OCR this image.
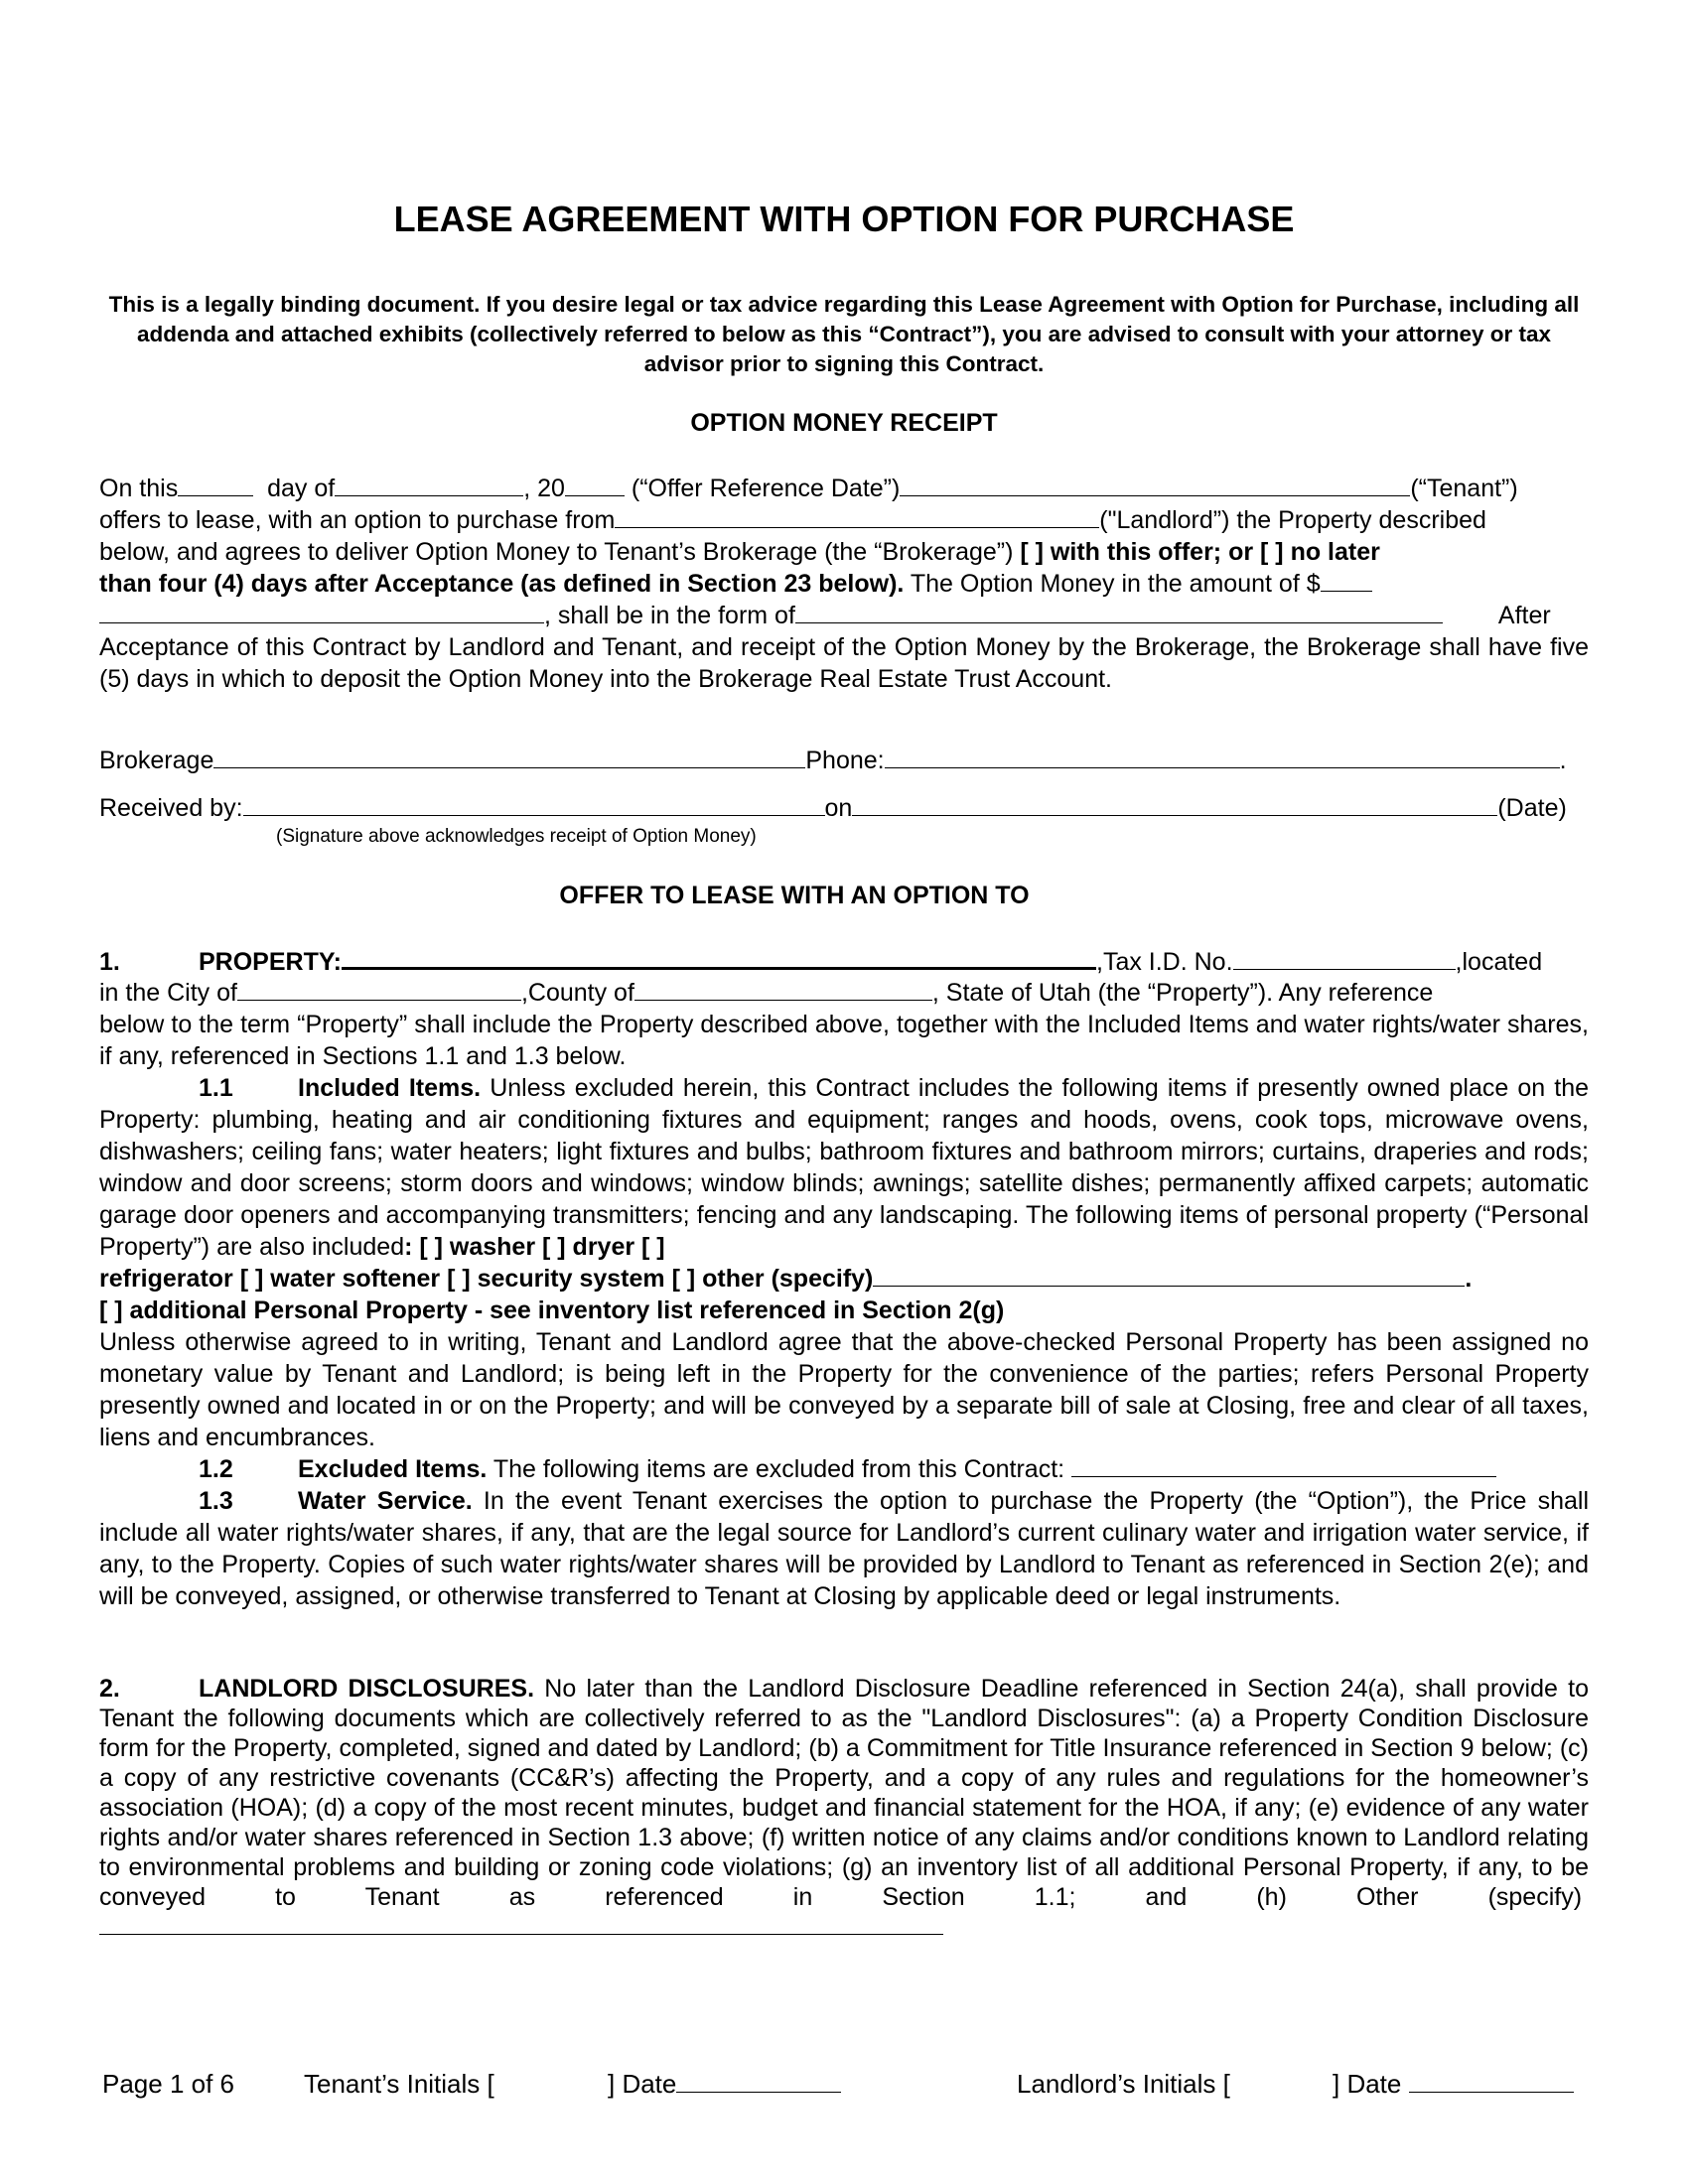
LEASE AGREEMENT WITH OPTION FOR PURCHASE
This is a legally binding document. If you desire legal or tax advice regarding this Lease Agreement with Option for Purchase, including all addenda and attached exhibits (collectively referred to below as this “Contract”), you are advised to consult with your attorney or tax advisor prior to signing this Contract.
OPTION MONEY RECEIPT
On this	day of	, 20 (“Offer Reference Date”)	(“Tenant”)
offers to lease, with an option to purchase from	("Landlord”) the Property described
below, and agrees to deliver Option Money to Tenant’s Brokerage (the “Brokerage”) [ ] with this offer; or [ ] no later
than four (4) days after Acceptance (as defined in Section 23 below). The Option Money in the amount of $
, shall be in the form of	After
Acceptance of this Contract by Landlord and Tenant, and receipt of the Option Money by the Brokerage, the Brokerage shall have five (5) days in which to deposit the Option Money into the Brokerage Real Estate Trust Account.
Brokerage	Phone:	.
Received by:	on	(Date)
(Signature above acknowledges receipt of Option Money)
OFFER TO LEASE WITH AN OPTION TO
1.	PROPERTY:	,Tax I.D. No.	,located
in the City of	,County of	, State of Utah (the “Property”). Any reference
below to the term “Property” shall include the Property described above, together with the Included Items and water rights/water shares, if any, referenced in Sections 1.1 and 1.3 below.
1.1	Included Items. Unless excluded herein, this Contract includes the following items if presently owned place on the Property: plumbing, heating and air conditioning fixtures and equipment; ranges and hoods, ovens, cook tops, microwave ovens, dishwashers; ceiling fans; water heaters; light fixtures and bulbs; bathroom fixtures and bathroom mirrors; curtains, draperies and rods; window and door screens; storm doors and windows; window blinds; awnings; satellite dishes; permanently affixed carpets; automatic garage door openers and accompanying transmitters; fencing and any landscaping. The following items of personal property (“Personal Property”) are also included: [ ] washer [ ] dryer [ ]
refrigerator [ ] water softener [ ] security system [ ] other (specify)	.
[ ] additional Personal Property - see inventory list referenced in Section 2(g)
Unless otherwise agreed to in writing, Tenant and Landlord agree that the above-checked Personal Property has been assigned no monetary value by Tenant and Landlord; is being left in the Property for the convenience of the parties; refers Personal Property presently owned and located in or on the Property; and will be conveyed by a separate bill of sale at Closing, free and clear of all taxes, liens and encumbrances.
1.2	Excluded Items. The following items are excluded from this Contract:
1.3	Water Service. In the event Tenant exercises the option to purchase the Property (the “Option”), the Price shall include all water rights/water shares, if any, that are the legal source for Landlord’s current culinary water and irrigation water service, if any, to the Property. Copies of such water rights/water shares will be provided by Landlord to Tenant as referenced in Section 2(e); and will be conveyed, assigned, or otherwise transferred to Tenant at Closing by applicable deed or legal instruments.
2.	LANDLORD DISCLOSURES. No later than the Landlord Disclosure Deadline referenced in Section 24(a), shall provide to Tenant the following documents which are collectively referred to as the "Landlord Disclosures": (a) a Property Condition Disclosure form for the Property, completed, signed and dated by Landlord; (b) a Commitment for Title Insurance referenced in Section 9 below; (c) a copy of any restrictive covenants (CC&R’s) affecting the Property, and a copy of any rules and regulations for the homeowner’s association (HOA); (d) a copy of the most recent minutes, budget and financial statement for the HOA, if any; (e) evidence of any water rights and/or water shares referenced in Section 1.3 above; (f) written notice of any claims and/or conditions known to Landlord relating to environmental problems and building or zoning code violations; (g) an inventory list of all additional Personal Property, if any, to be conveyed to Tenant as referenced in Section 1.1; and (h) Other (specify)
Page 1 of 6	Tenant’s Initials [	] Date	Landlord’s Initials [	] Date
